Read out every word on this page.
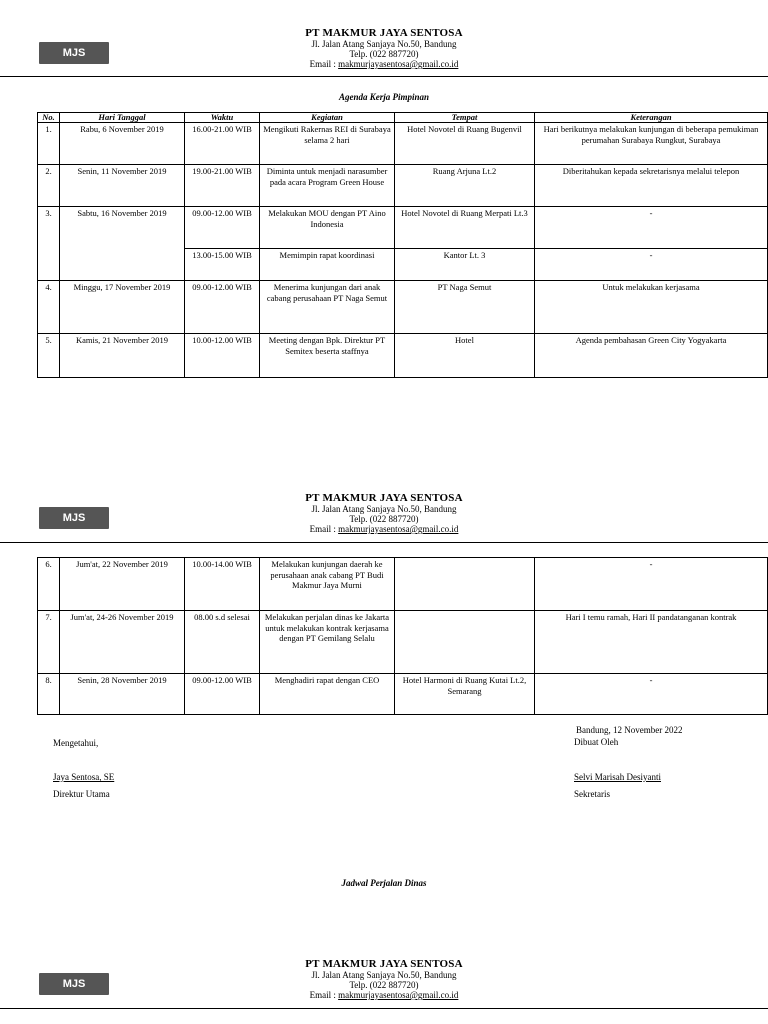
MJS
PT MAKMUR JAYA SENTOSA
Jl. Jalan Atang Sanjaya No.50, Bandung
Telp. (022 887720)
Email : makmurjayasentosa@gmail.co.id
Agenda Kerja Pimpinan
No.	Hari Tanggal	Waktu	Kegiatan	Tempat	Keterangan
1.	Rabu, 6 November 2019	16.00-21.00 WIB	Mengikuti Rakernas REI di Surabaya selama 2 hari	Hotel Novotel di Ruang Bugenvil	Hari berikutnya melakukan kunjungan di beberapa pemukiman perumahan Surabaya Rungkut, Surabaya
2.	Senin, 11 November 2019	19.00-21.00 WIB	Diminta untuk menjadi narasumber pada acara Program Green House	Ruang Arjuna Lt.2	Diberitahukan kepada sekretarisnya melalui telepon
3.	Sabtu, 16 November 2019	09.00-12.00 WIB	Melakukan MOU dengan PT Aino Indonesia	Hotel Novotel di Ruang Merpati Lt.3	-
		13.00-15.00 WIB	Memimpin rapat koordinasi	Kantor Lt. 3	-
4.	Minggu, 17 November 2019	09.00-12.00 WIB	Menerima kunjungan dari anak cabang perusahaan PT Naga Semut	PT Naga Semut	Untuk melakukan kerjasama
5.	Kamis, 21 November 2019	10.00-12.00 WIB	Meeting dengan Bpk. Direktur PT Semitex beserta staffnya	Hotel	Agenda pembahasan Green City Yogyakarta
MJS
PT MAKMUR JAYA SENTOSA
Jl. Jalan Atang Sanjaya No.50, Bandung
Telp. (022 887720)
Email : makmurjayasentosa@gmail.co.id
6.	Jum'at, 22 November 2019	10.00-14.00 WIB	Melakukan kunjungan daerah ke perusahaan anak cabang PT Budi Makmur Jaya Murni		-
7.	Jum'at, 24-26 November 2019	08.00 s.d selesai	Melakukan perjalan dinas ke Jakarta untuk melakukan kontrak kerjasama dengan PT Gemilang Selalu		Hari I temu ramah, Hari II pandatanganan kontrak
8.	Senin, 28 November 2019	09.00-12.00 WIB	Menghadiri rapat dengan CEO	Hotel Harmoni di Ruang Kutai Lt.2, Semarang	-
Mengetahui,
Jaya Sentosa, SE
Direktur Utama
Bandung, 12 November 2022
Dibuat Oleh
Selvi Marisah Desiyanti
Sekretaris
Jadwal Perjalan Dinas
MJS
PT MAKMUR JAYA SENTOSA
Jl. Jalan Atang Sanjaya No.50, Bandung
Telp. (022 887720)
Email : makmurjayasentosa@gmail.co.id
